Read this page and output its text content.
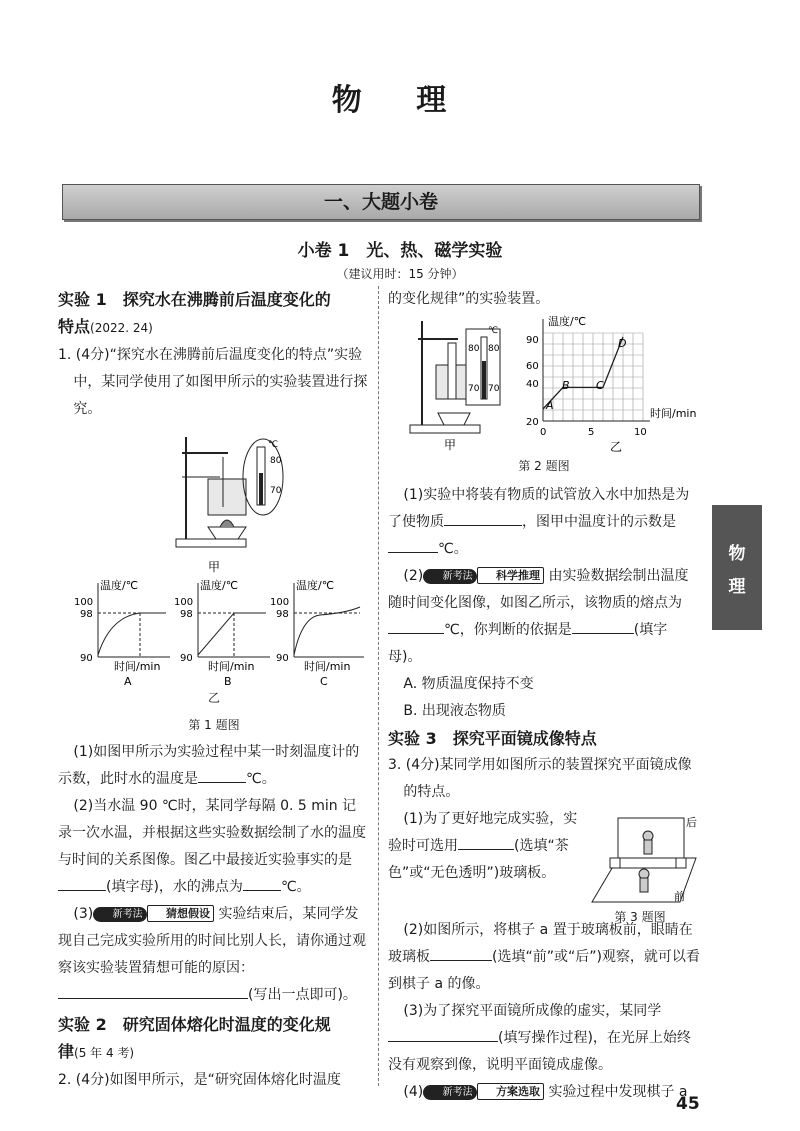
物 理
一、大题小卷
小卷 1　光、热、磁学实验
（建议用时：15 分钟）
实验 1　探究水在沸腾前后温度变化的
特点(2022. 24)
1. (4分)“探究水在沸腾前后温度变化的特点”实验中，某同学使用了如图甲所示的实验装置进行探究。
℃
80
70
甲
温度/℃
100
98
90
时间/min
A
温度/℃
100
98
90
时间/min
B
温度/℃
100
98
90
时间/min
C
乙
第 1 题图
(1)如图甲所示为实验过程中某一时刻温度计的示数，此时水的温度是	℃。
(2)当水温 90 ℃时，某同学每隔 0. 5 min 记录一次水温，并根据这些实验数据绘制了水的温度与时间的关系图像。图乙中最接近实验事实的是(填字母)，水的沸点为	℃。
(3) 新考法 猜想假设 实验结束后，某同学发现自己完成实验所用的时间比别人长，请你通过观察该实验装置猜想可能的原因：(写出一点即可)。
实验 2　研究固体熔化时温度的变化规
律(5 年 4 考)
2. (4分)如图甲所示，是“研究固体熔化时温度
的变化规律”的实验装置。
℃
80 80
70 70
甲
温度/℃
90
60
40
20
0	5	10
时间/min
A
B C
D
乙
第 2 题图
(1)实验中将装有物质的试管放入水中加热是为了使物质	，图甲中温度计的示数是℃。
(2) 新考法 科学推理 由实验数据绘制出温度随时间变化图像，如图乙所示，该物质的熔点为℃，你判断的依据是	(填字母)。
A. 物质温度保持不变
B. 出现液态物质
实验 3　探究平面镜成像特点
3. (4分)某同学用如图所示的装置探究平面镜成像的特点。
(1)为了更好地完成实验，实验时可选用	(选填“茶色”或“无色透明”)玻璃板。
后
前
第 3 题图
(2)如图所示，将棋子 a 置于玻璃板前，眼睛在玻璃板	(选填“前”或“后”)观察，就可以看到棋子 a 的像。
(3)为了探究平面镜所成像的虚实，某同学(填写操作过程)，在光屏上始终没有观察到像，说明平面镜成虚像。
(4) 新考法 方案选取 实验过程中发现棋子 a
物
理
45
